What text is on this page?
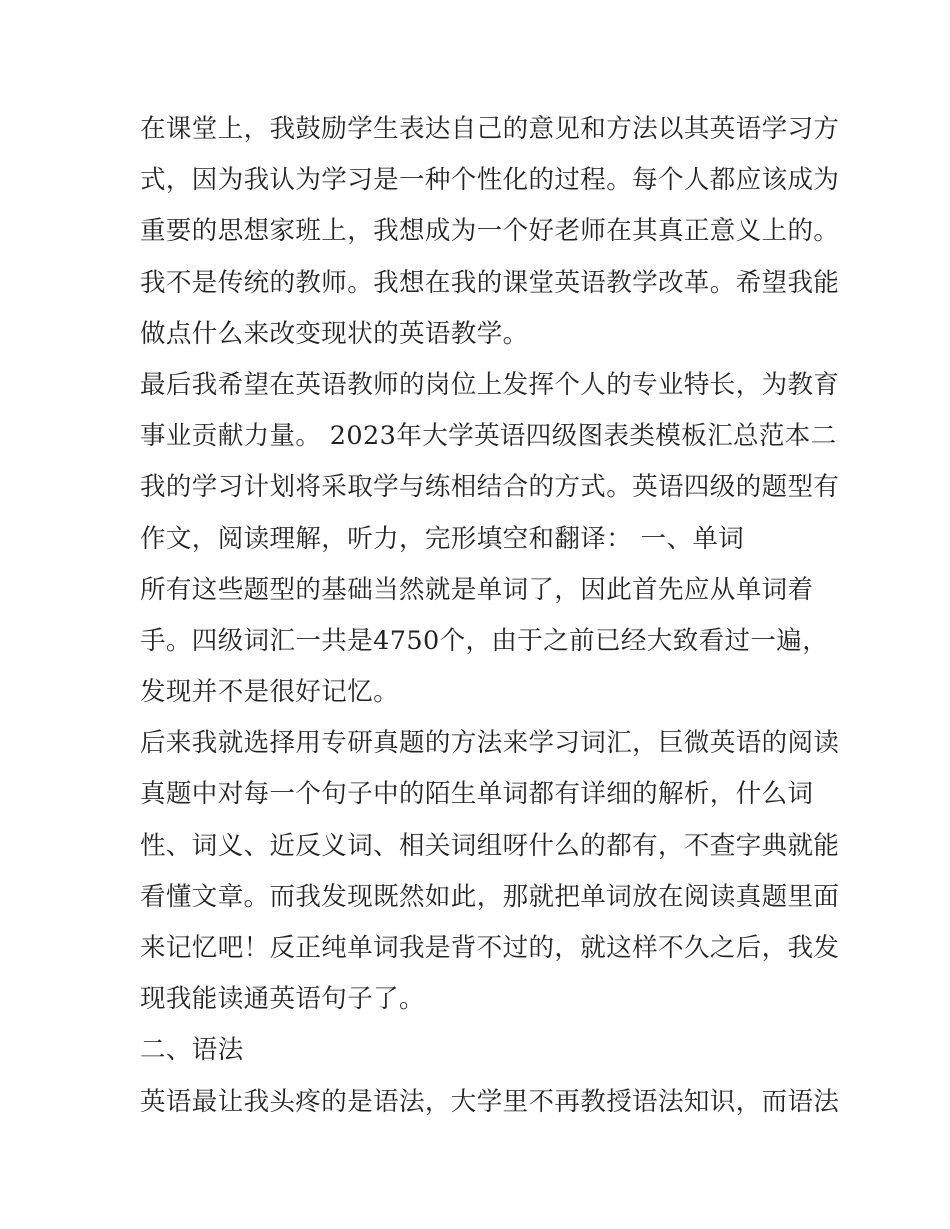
在课堂上，我鼓励学生表达自己的意见和方法以其英语学习方
式，因为我认为学习是一种个性化的过程。每个人都应该成为
重要的思想家班上，我想成为一个好老师在其真正意义上的。
我不是传统的教师。我想在我的课堂英语教学改革。希望我能
做点什么来改变现状的英语教学。
最后我希望在英语教师的岗位上发挥个人的专业特长，为教育
事业贡献力量。 2023年大学英语四级图表类模板汇总范本二
我的学习计划将采取学与练相结合的方式。英语四级的题型有
作文，阅读理解，听力，完形填空和翻译： 一、单词
所有这些题型的基础当然就是单词了，因此首先应从单词着
手。四级词汇一共是4750个，由于之前已经大致看过一遍，
发现并不是很好记忆。
后来我就选择用专研真题的方法来学习词汇，巨微英语的阅读
真题中对每一个句子中的陌生单词都有详细的解析，什么词
性、词义、近反义词、相关词组呀什么的都有，不查字典就能
看懂文章。而我发现既然如此，那就把单词放在阅读真题里面
来记忆吧！反正纯单词我是背不过的，就这样不久之后，我发
现我能读通英语句子了。
二、语法
英语最让我头疼的是语法，大学里不再教授语法知识，而语法
